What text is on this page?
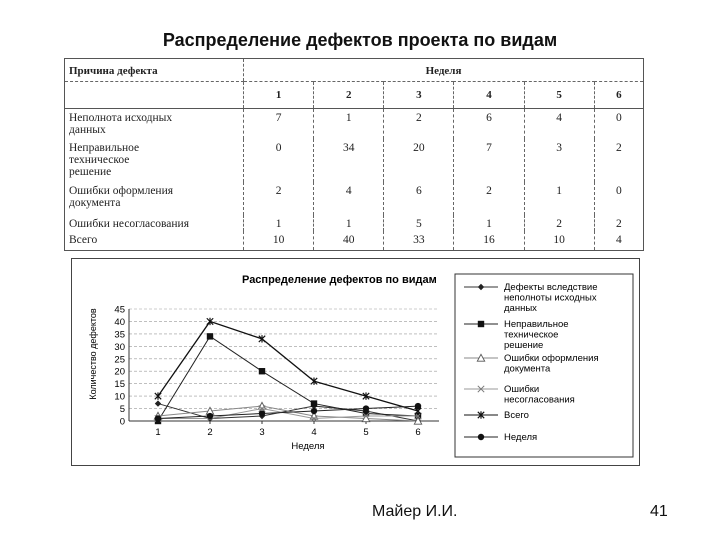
Распределение дефектов проекта по видам
Причина дефекта	Неделя					
	1	2	3	4	5	6

Неполнота исходных
данных	7	1	2	6	4	0

Неправильное
техническое
решение	0	34	20	7	3	2

Ошибки оформления
документа	2	4	6	2	1	0

Ошибки несогласования	1	1	5	1	2	2

Всего	10	40	33	16	10	4
Распределение дефектов по видам
0
5
10
15
20
25
30
35
40
45
1	2	3	4	5	6
Неделя
Количество дефектов
Дефекты вследствие
неполноты исходных
данных
Неправильное
техническое
решение
Ошибки оформления
документа
Ошибки
несогласования
Всего
Неделя
Майер И.И.	41
